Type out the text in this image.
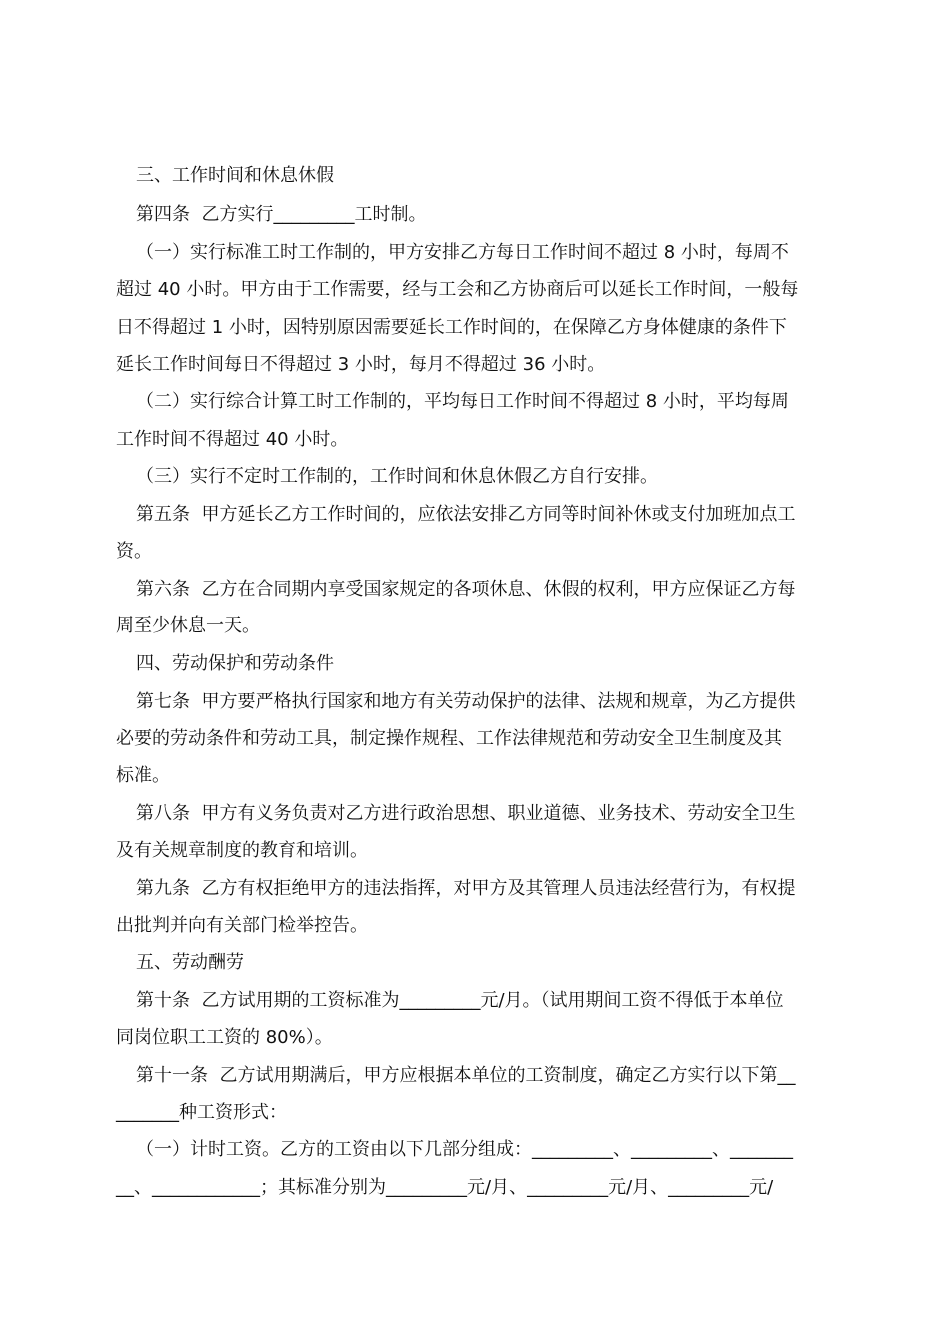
三、工作时间和休息休假
第四条  乙方实行_________工时制。
（一）实行标准工时工作制的，甲方安排乙方每日工作时间不超过 8 小时，每周不
超过 40 小时。甲方由于工作需要，经与工会和乙方协商后可以延长工作时间，一般每
日不得超过 1 小时，因特别原因需要延长工作时间的，在保障乙方身体健康的条件下
延长工作时间每日不得超过 3 小时，每月不得超过 36 小时。
（二）实行综合计算工时工作制的，平均每日工作时间不得超过 8 小时，平均每周
工作时间不得超过 40 小时。
（三）实行不定时工作制的，工作时间和休息休假乙方自行安排。
第五条  甲方延长乙方工作时间的，应依法安排乙方同等时间补休或支付加班加点工
资。
第六条  乙方在合同期内享受国家规定的各项休息、休假的权利，甲方应保证乙方每
周至少休息一天。
四、劳动保护和劳动条件
第七条  甲方要严格执行国家和地方有关劳动保护的法律、法规和规章，为乙方提供
必要的劳动条件和劳动工具，制定操作规程、工作法律规范和劳动安全卫生制度及其
标准。
第八条  甲方有义务负责对乙方进行政治思想、职业道德、业务技术、劳动安全卫生
及有关规章制度的教育和培训。
第九条  乙方有权拒绝甲方的违法指挥，对甲方及其管理人员违法经营行为，有权提
出批判并向有关部门检举控告。
五、劳动酬劳
第十条  乙方试用期的工资标准为_________元/月。（试用期间工资不得低于本单位
同岗位职工工资的 80%）。
第十一条  乙方试用期满后，甲方应根据本单位的工资制度，确定乙方实行以下第__
_______种工资形式：
（一）计时工资。乙方的工资由以下几部分组成：_________、_________、_______
__、____________；其标准分别为_________元/月、_________元/月、_________元/
